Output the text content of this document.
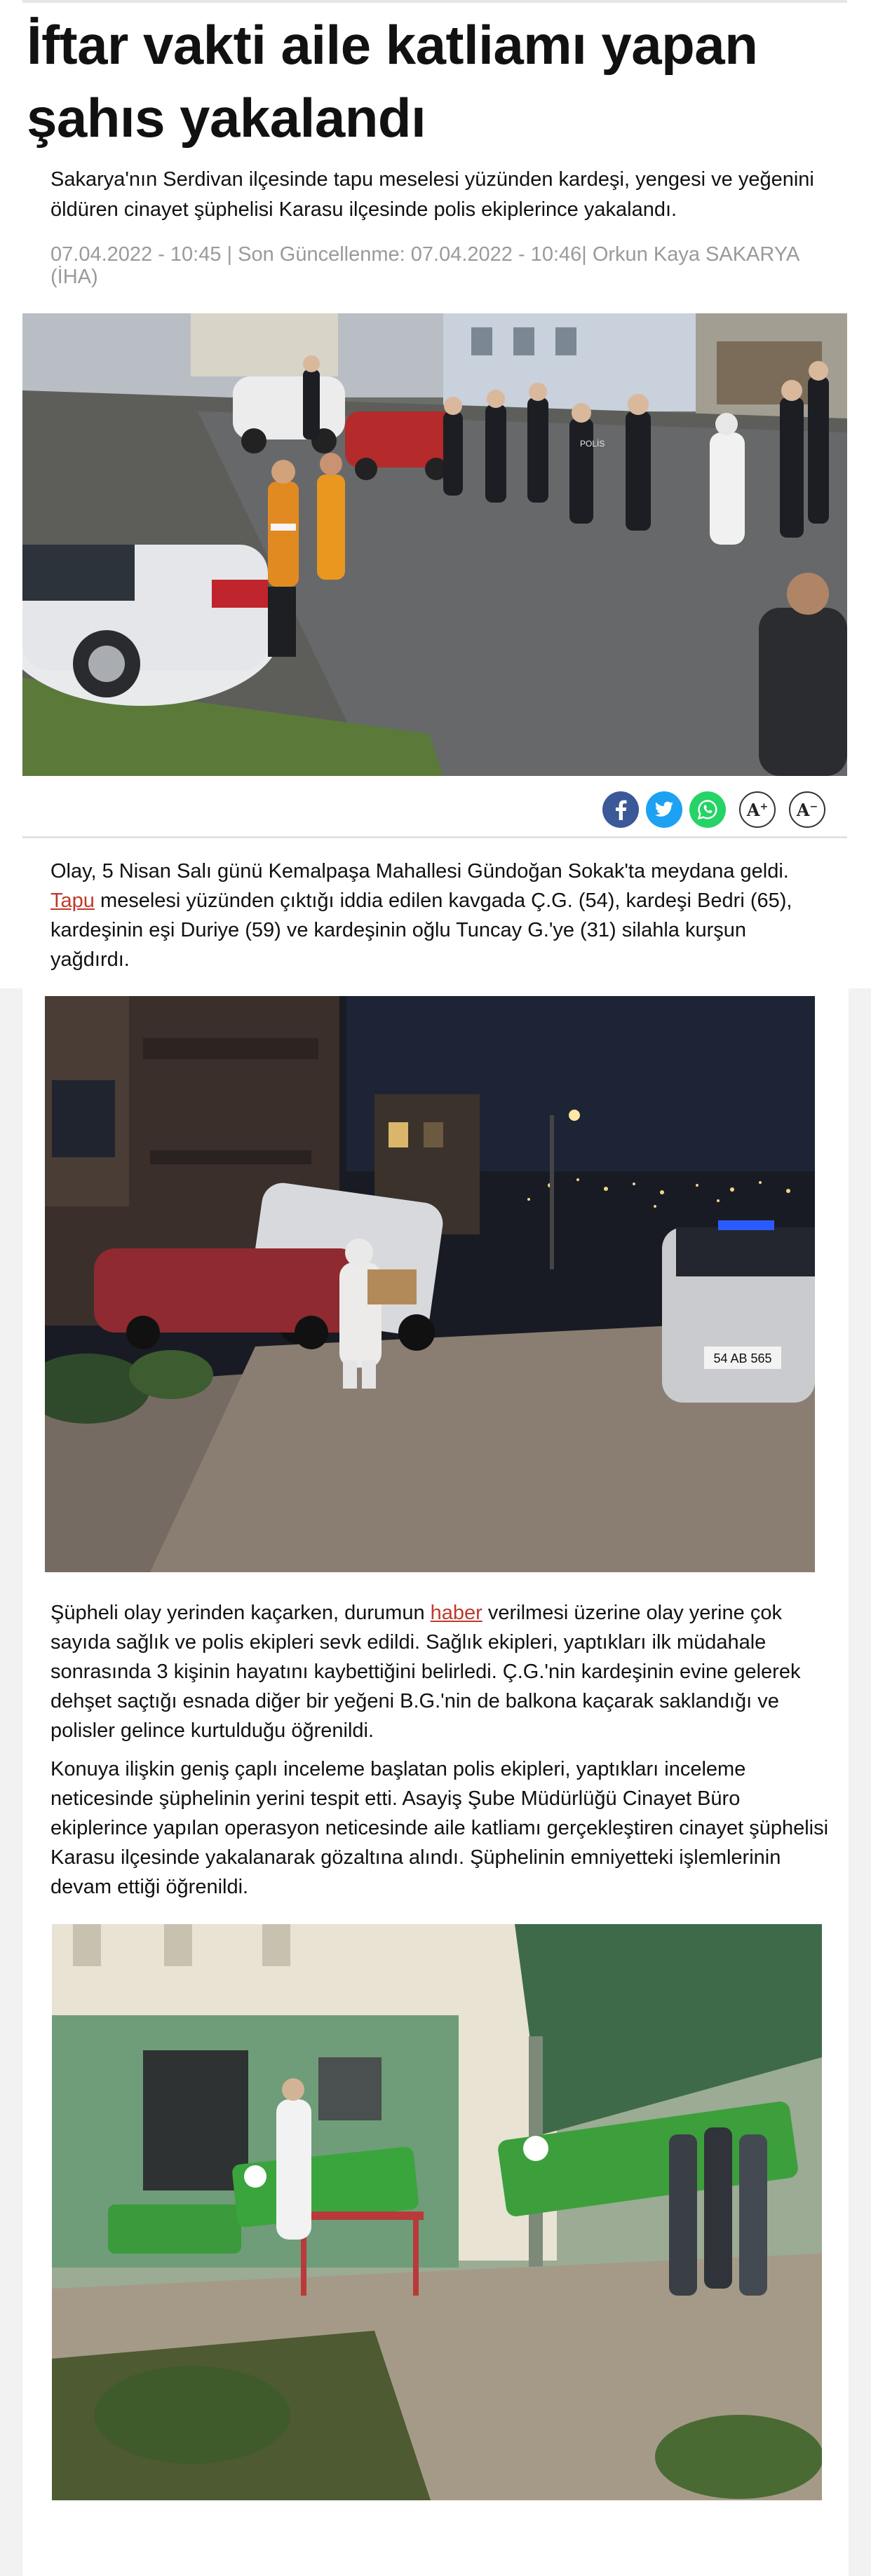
İftar vakti aile katliamı yapan şahıs yakalandı

Sakarya'nın Serdivan ilçesinde tapu meselesi yüzünden kardeşi, yengesi ve yeğenini öldüren cinayet şüphelisi Karasu ilçesinde polis ekiplerince yakalandı.

07.04.2022 - 10:45 | Son Güncellenme: 07.04.2022 - 10:46| Orkun Kaya SAKARYA (İHA)
POLİS
A+ A−

Olay, 5 Nisan Salı günü Kemalpaşa Mahallesi Gündoğan Sokak'ta meydana geldi. Tapu meselesi yüzünden çıktığı iddia edilen kavgada Ç.G. (54), kardeşi Bedri (65), kardeşinin eşi Duriye (59) ve kardeşinin oğlu Tuncay G.'ye (31) silahla kurşun yağdırdı.

54 AB 565

Şüpheli olay yerinden kaçarken, durumun haber verilmesi üzerine olay yerine çok sayıda sağlık ve polis ekipleri sevk edildi. Sağlık ekipleri, yaptıkları ilk müdahale sonrasında 3 kişinin hayatını kaybettiğini belirledi. Ç.G.'nin kardeşinin evine gelerek dehşet saçtığı esnada diğer bir yeğeni B.G.'nin de balkona kaçarak saklandığı ve polisler gelince kurtulduğu öğrenildi.

Konuya ilişkin geniş çaplı inceleme başlatan polis ekipleri, yaptıkları inceleme neticesinde şüphelinin yerini tespit etti. Asayiş Şube Müdürlüğü Cinayet Büro ekiplerince yapılan operasyon neticesinde aile katliamı gerçekleştiren cinayet şüphelisi Karasu ilçesinde yakalanarak gözaltına alındı. Şüphelinin emniyetteki işlemlerinin devam ettiği öğrenildi.
